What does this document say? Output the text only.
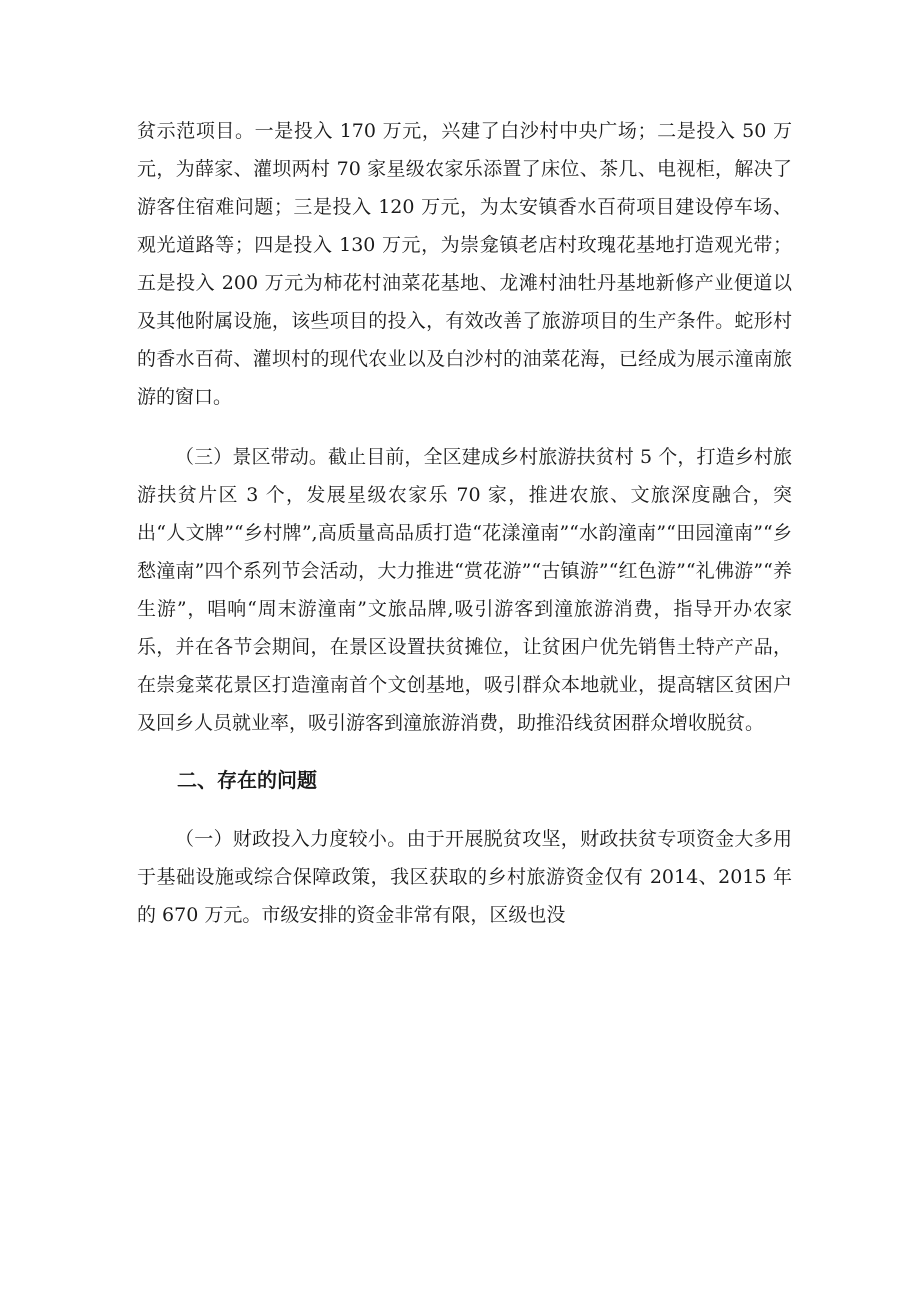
贫示范项目。一是投入 170 万元，兴建了白沙村中央广场；二是投入 50 万元，为薛家、灌坝两村 70 家星级农家乐添置了床位、茶几、电视柜，解决了游客住宿难问题；三是投入 120 万元，为太安镇香水百荷项目建设停车场、观光道路等；四是投入 130 万元，为崇龛镇老店村玫瑰花基地打造观光带；五是投入 200 万元为柿花村油菜花基地、龙滩村油牡丹基地新修产业便道以及其他附属设施，该些项目的投入，有效改善了旅游项目的生产条件。蛇形村的香水百荷、灌坝村的现代农业以及白沙村的油菜花海，已经成为展示潼南旅游的窗口。

（三）景区带动。截止目前，全区建成乡村旅游扶贫村 5 个，打造乡村旅游扶贫片区 3 个，发展星级农家乐 70 家，推进农旅、文旅深度融合，突出“人文牌”“乡村牌”,高质量高品质打造“花漾潼南”“水韵潼南”“田园潼南”“乡愁潼南”四个系列节会活动，大力推进“赏花游”“古镇游”“红色游”“礼佛游”“养生游”，唱响“周末游潼南”文旅品牌,吸引游客到潼旅游消费，指导开办农家乐，并在各节会期间，在景区设置扶贫摊位，让贫困户优先销售土特产产品，在崇龛菜花景区打造潼南首个文创基地，吸引群众本地就业，提高辖区贫困户及回乡人员就业率，吸引游客到潼旅游消费，助推沿线贫困群众增收脱贫。

二、存在的问题

（一）财政投入力度较小。由于开展脱贫攻坚，财政扶贫专项资金大多用于基础设施或综合保障政策，我区获取的乡村旅游资金仅有 2014、2015 年的 670 万元。市级安排的资金非常有限，区级也没
